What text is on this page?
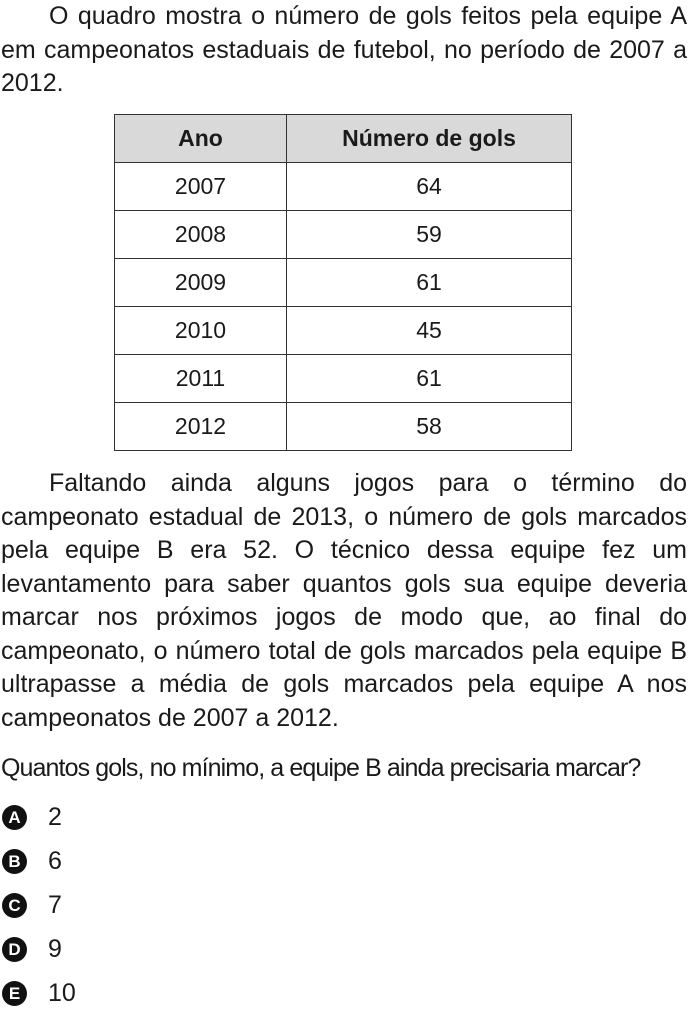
O quadro mostra o número de gols feitos pela equipe A em campeonatos estaduais de futebol, no período de 2007 a 2012.

Ano	Número de gols
2007	64
2008	59
2009	61
2010	45
2011	61
2012	58

Faltando ainda alguns jogos para o término do campeonato estadual de 2013, o número de gols marcados pela equipe B era 52. O técnico dessa equipe fez um levantamento para saber quantos gols sua equipe deveria marcar nos próximos jogos de modo que, ao final do campeonato, o número total de gols marcados pela equipe B ultrapasse a média de gols marcados pela equipe A nos campeonatos de 2007 a 2012.

Quantos gols, no mínimo, a equipe B ainda precisaria marcar?
A 2
B 6
C 7
D 9
E 10
